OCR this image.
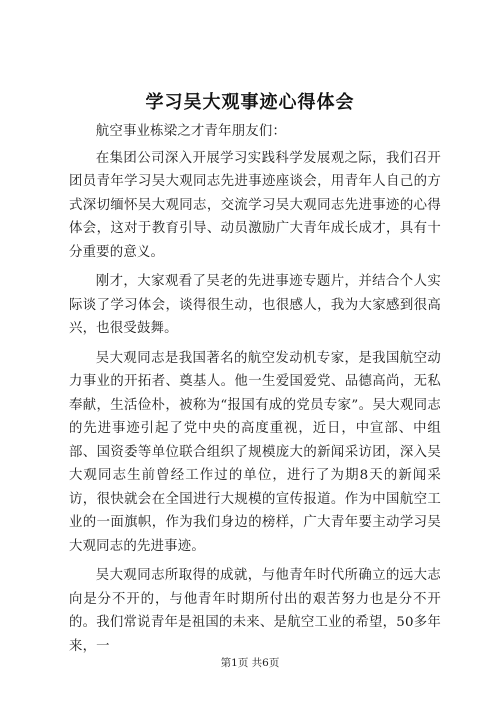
学习吴大观事迹心得体会

航空事业栋梁之才青年朋友们：

在集团公司深入开展学习实践科学发展观之际，我们召开团员青年学习吴大观同志先进事迹座谈会，用青年人自己的方式深切缅怀吴大观同志，交流学习吴大观同志先进事迹的心得体会，这对于教育引导、动员激励广大青年成长成才，具有十分重要的意义。

刚才，大家观看了吴老的先进事迹专题片，并结合个人实际谈了学习体会，谈得很生动，也很感人，我为大家感到很高兴，也很受鼓舞。

吴大观同志是我国著名的航空发动机专家，是我国航空动力事业的开拓者、奠基人。他一生爱国爱党、品德高尚，无私奉献，生活俭朴，被称为“报国有成的党员专家”。吴大观同志的先进事迹引起了党中央的高度重视，近日，中宣部、中组部、国资委等单位联合组织了规模庞大的新闻采访团，深入吴大观同志生前曾经工作过的单位，进行了为期8天的新闻采访，很快就会在全国进行大规模的宣传报道。作为中国航空工业的一面旗帜，作为我们身边的榜样，广大青年要主动学习吴大观同志的先进事迹。

吴大观同志所取得的成就，与他青年时代所确立的远大志向是分不开的，与他青年时期所付出的艰苦努力也是分不开的。我们常说青年是祖国的未来、是航空工业的希望，50多年来，一

第1页 共6页
